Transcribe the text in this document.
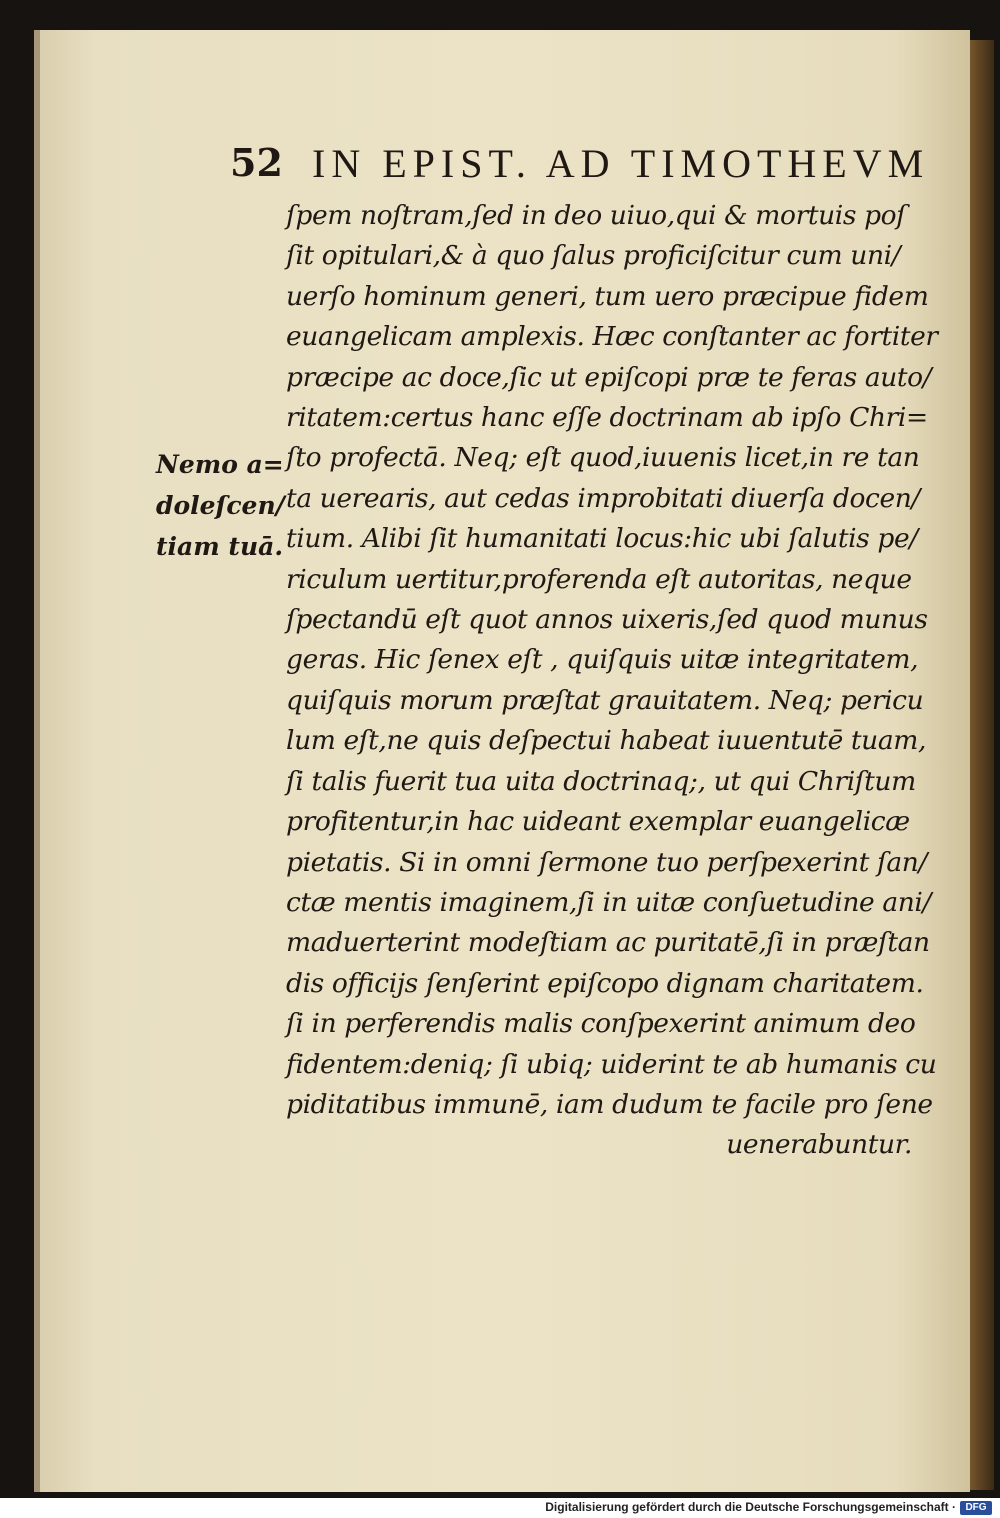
52 IN EPIST. AD TIMOTHEVM
ſpem noſtram,ſed in deo uiuo,qui & mortuis poſ
ſit opitulari,& à quo ſalus proficiſcitur cum uni/
uerſo hominum generi, tum uero præcipue fidem
euangelicam amplexis. Hæc conſtanter ac fortiter
præcipe ac doce,ſic ut epiſcopi præ te feras auto/
ritatem:certus hanc eſſe doctrinam ab ipſo Chri=
ſto profectā. Neq; eſt quod,iuuenis licet,in re tan
ta uerearis, aut cedas improbitati diuerſa docen/
tium. Alibi ſit humanitati locus:hic ubi ſalutis pe/
riculum uertitur,proferenda eſt autoritas, neque
ſpectandū eſt quot annos uixeris,ſed quod munus
geras. Hic ſenex eſt , quiſquis uitæ integritatem,
quiſquis morum præſtat grauitatem. Neq; pericu
lum eſt,ne quis deſpectui habeat iuuentutē tuam,
ſi talis fuerit tua uita doctrinaq;, ut qui Chriſtum
profitentur,in hac uideant exemplar euangelicæ
pietatis. Si in omni ſermone tuo perſpexerint ſan/
ctæ mentis imaginem,ſi in uitæ conſuetudine ani/
maduerterint modeſtiam ac puritatē,ſi in præſtan
dis officijs ſenſerint epiſcopo dignam charitatem.
ſi in perferendis malis conſpexerint animum deo
fidentem:deniq; ſi ubiq; uiderint te ab humanis cu
piditatibus immunē, iam dudum te facile pro ſene
uenerabuntur.
Nemo a=
doleſcen/
tiam tuā.
Digitalisierung gefördert durch die Deutsche Forschungsgemeinschaft · DFG
